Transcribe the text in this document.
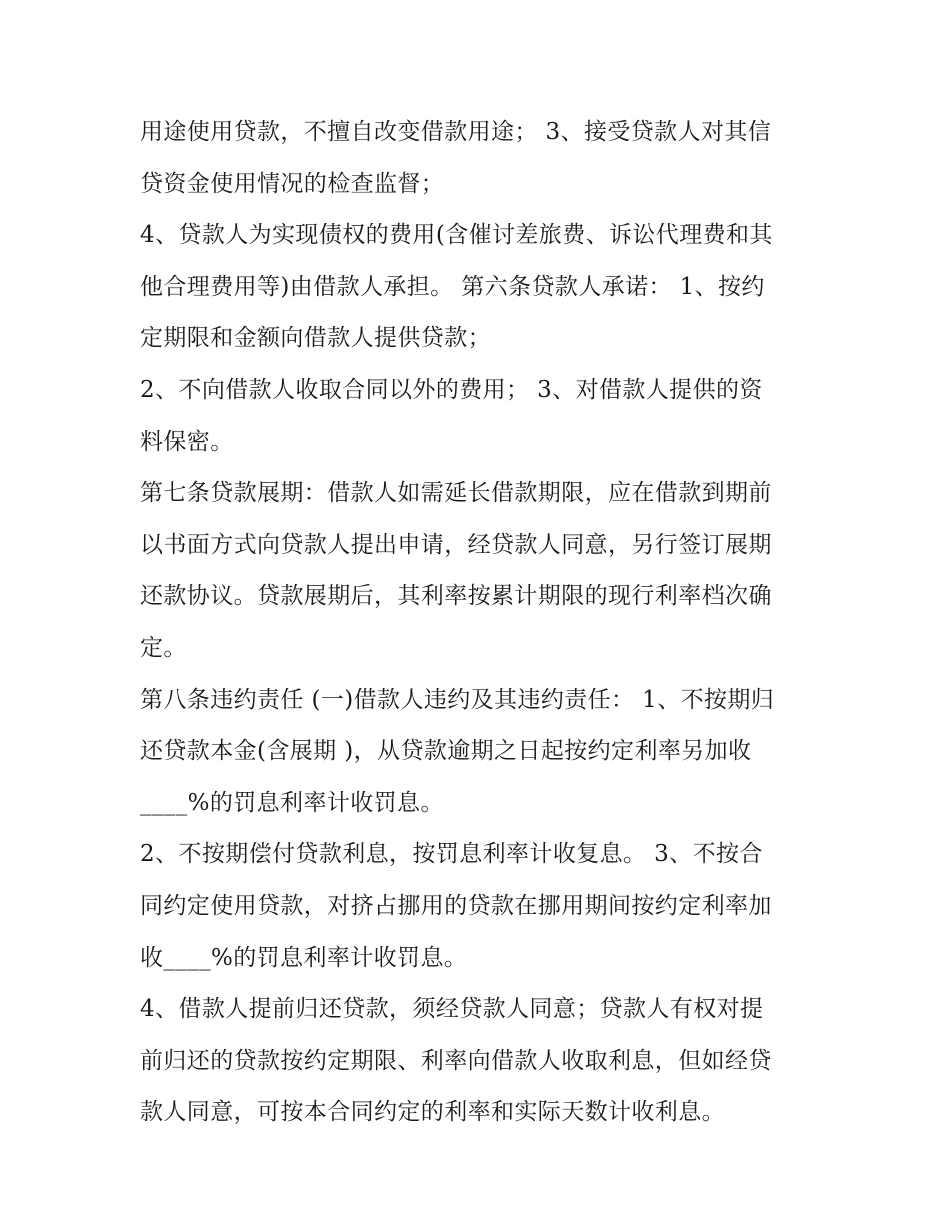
用途使用贷款，不擅自改变借款用途； 3、接受贷款人对其信
贷资金使用情况的检查监督；
4、贷款人为实现债权的费用(含催讨差旅费、诉讼代理费和其
他合理费用等)由借款人承担。 第六条贷款人承诺： 1、按约
定期限和金额向借款人提供贷款；
2、不向借款人收取合同以外的费用； 3、对借款人提供的资
料保密。
第七条贷款展期：借款人如需延长借款期限，应在借款到期前
以书面方式向贷款人提出申请，经贷款人同意，另行签订展期
还款协议。贷款展期后，其利率按累计期限的现行利率档次确
定。
第八条违约责任 (一)借款人违约及其违约责任： 1、不按期归
还贷款本金(含展期 )，从贷款逾期之日起按约定利率另加收
____%的罚息利率计收罚息。
2、不按期偿付贷款利息，按罚息利率计收复息。 3、不按合
同约定使用贷款，对挤占挪用的贷款在挪用期间按约定利率加
收____%的罚息利率计收罚息。
4、借款人提前归还贷款，须经贷款人同意；贷款人有权对提
前归还的贷款按约定期限、利率向借款人收取利息，但如经贷
款人同意，可按本合同约定的利率和实际天数计收利息。
